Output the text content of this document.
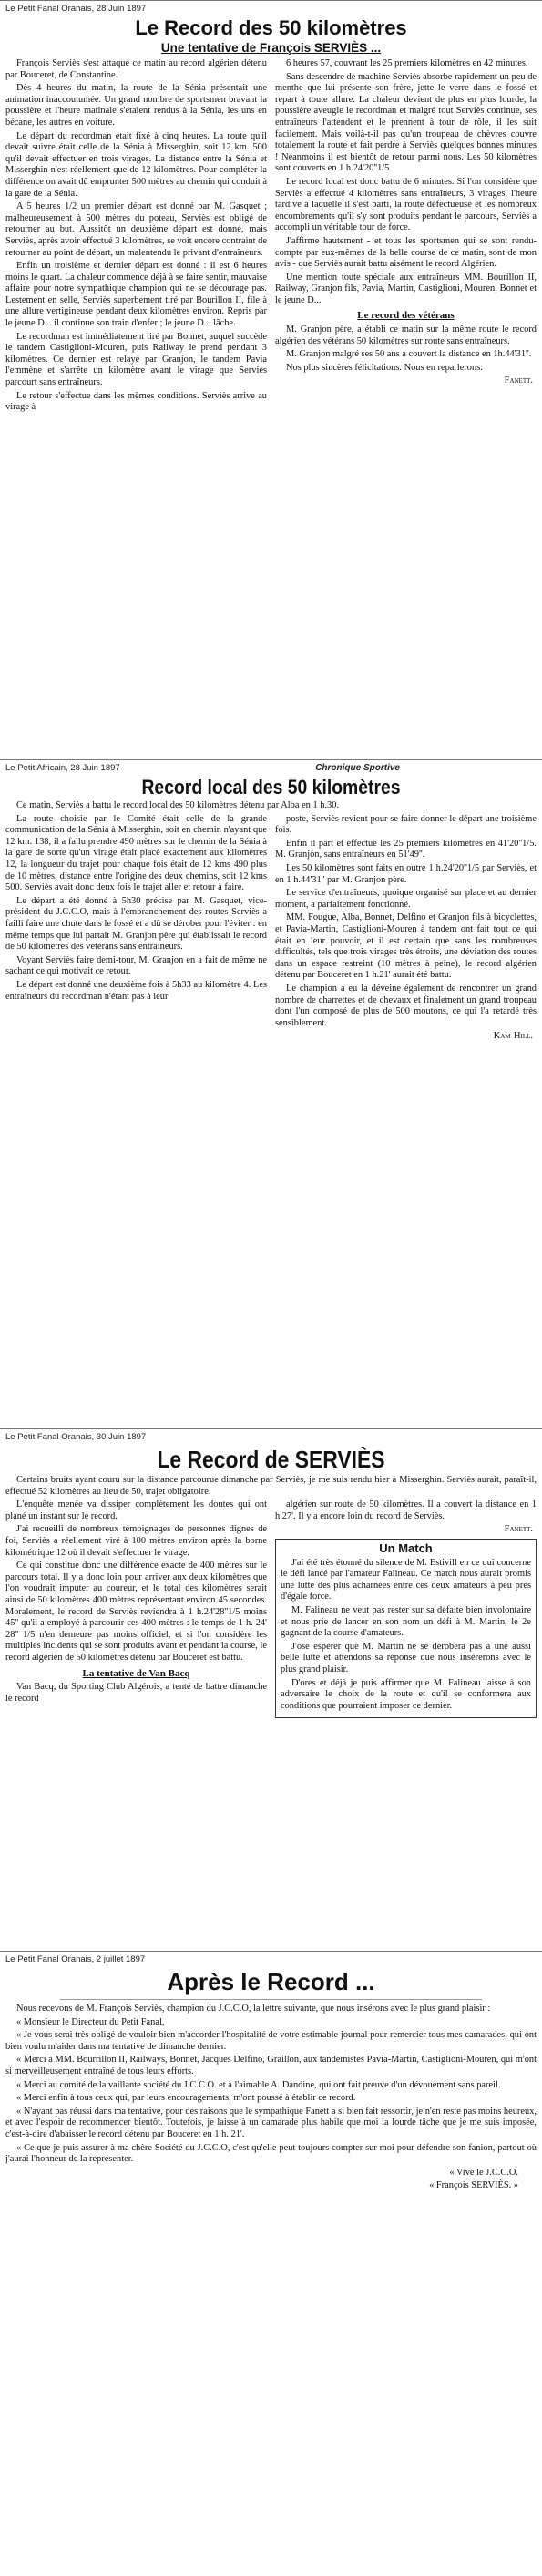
Le Petit Fanal Oranais, 28 Juin 1897
Le Record des 50 kilomètres
Une tentative de François SERVIÈS ...

François Serviès s'est attaqué ce matin au record algérien détenu par Bouceret, de Constantine.

Dès 4 heures du matin, la route de la Sénia présentait une animation inaccoutumée. Un grand nombre de sportsmen bravant la poussière et l'heure matinale s'étaient rendus à la Sénia, les uns en bécane, les autres en voiture.

Le départ du recordman était fixé à cinq heures. La route qu'il devait suivre était celle de la Sénia à Misserghin, soit 12 km. 500 qu'il devait effectuer en trois virages. La distance entre la Sénia et Misserghin n'est réellement que de 12 kilomètres. Pour compléter la différence on avait dû emprunter 500 mètres au chemin qui conduit à la gare de la Sénia.

A 5 heures 1/2 un premier départ est donné par M. Gasquet ; malheureusement à 500 mètres du poteau, Serviès est obligé de retourner au but. Aussitôt un deuxième départ est donné, mais Serviès, après avoir effectué 3 kilomètres, se voit encore contraint de retourner au point de départ, un malentendu le privant d'entraîneurs.

Enfin un troisième et dernier départ est donné : il est 6 heures moins le quart. La chaleur commence déjà à se faire sentir, mauvaise affaire pour notre sympathique champion qui ne se décourage pas. Lestement en selle, Serviès superbement tiré par Bourillon II, file à une allure vertigineuse pendant deux kilomètres environ. Repris par le jeune D... il continue son train d'enfer ; le jeune D... lâche.

Le recordman est immédiatement tiré par Bonnet, auquel succède le tandem Castiglioni-Mouren, puis Railway le prend pendant 3 kilomètres. Ce dernier est relayé par Granjon, le tandem Pavia l'emmène et s'arrête un kilomètre avant le virage que Serviès parcourt sans entraîneurs.

Le retour s'effectue dans les mêmes conditions. Serviès arrive au virage à

6 heures 57, couvrant les 25 premiers kilomètres en 42 minutes.

Sans descendre de machine Serviès absorbe rapidement un peu de menthe que lui présente son frère, jette le verre dans le fossé et repart à toute allure. La chaleur devient de plus en plus lourde, la poussière aveugle le recordman et malgré tout Serviès continue, ses entraîneurs l'attendent et le prennent à tour de rôle, il les suit facilement. Mais voilà-t-il pas qu'un troupeau de chèvres couvre totalement la route et fait perdre à Serviès quelques bonnes minutes ! Néanmoins il est bientôt de retour parmi nous. Les 50 kilomètres sont couverts en 1 h.24'20''1/5

Le record local est donc battu de 6 minutes. Si l'on considère que Serviès a effectué 4 kilomètres sans entraîneurs, 3 virages, l'heure tardive à laquelle il s'est parti, la route défectueuse et les nombreux encombrements qu'il s'y sont produits pendant le parcours, Serviès a accompli un véritable tour de force.

J'affirme hautement - et tous les sportsmen qui se sont rendu-compte par eux-mêmes de la belle course de ce matin, sont de mon avis - que Serviès aurait battu aisément le record Algérien.

Une mention toute spéciale aux entraîneurs MM. Bourillon II, Railway, Granjon fils, Pavia, Martin, Castiglioni, Mouren, Bonnet et le jeune D...

Le record des vétérans

M. Granjon père, a établi ce matin sur la même route le record algérien des vétérans 50 kilomètres sur route sans entraîneurs.

M. Granjon malgré ses 50 ans a couvert la distance en 1h.44'31''.

Nos plus sincères félicitations. Nous en reparlerons.

Fanett.
Le Petit Africain, 28 Juin 1897	Chronique Sportive
Record local des 50 kilomètres

Ce matin, Serviès a battu le record local des 50 kilomètres détenu par Alba en 1 h.30.

La route choisie par le Comité était celle de la grande communication de la Sénia à Misserghin, soit en chemin n'ayant que 12 km. 138, il a fallu prendre 490 mètres sur le chemin de la Sénia à la gare de sorte qu'un virage était placé exactement aux kilomètres 12, la longueur du trajet pour chaque fois était de 12 kms 490 plus de 10 mètres, distance entre l'origine des deux chemins, soit 12 kms 500. Serviès avait donc deux fois le trajet aller et retour à faire.

Le départ a été donné à 5h30 précise par M. Gasquet, vice-président du J.C.C.O, mais à l'embranchement des routes Serviès a failli faire une chute dans le fossé et a dû se dérober pour l'éviter : en même temps que lui partait M. Granjon père qui établissait le record de 50 kilomètres des vétérans sans entraîneurs.

Voyant Serviès faire demi-tour, M. Granjon en a fait de même ne sachant ce qui motivait ce retour.

Le départ est donné une deuxième fois à 5h33 au kilomètre 4. Les entraîneurs du recordman n'étant pas à leur

poste, Serviès revient pour se faire donner le départ une troisième fois.

Enfin il part et effectue les 25 premiers kilomètres en 41'20''1/5. M. Granjon, sans entraîneurs en 51'49''.

Les 50 kilomètres sont faits en outre 1 h.24'20''1/5 par Serviès, et en 1 h.44'31'' par M. Granjon père.

Le service d'entraîneurs, quoique organisé sur place et au dernier moment, a parfaitement fonctionné.

MM. Fougue, Alba, Bonnet, Delfino et Granjon fils à bicyclettes, et Pavia-Martin, Castiglioni-Mouren à tandem ont fait tout ce qui était en leur pouvoir, et il est certain que sans les nombreuses difficultés, tels que trois virages très étroits, une déviation des routes dans un espace restreint (10 mètres à peine), le record algérien détenu par Bouceret en 1 h.21' aurait été battu.

Le champion a eu la déveine également de rencontrer un grand nombre de charrettes et de chevaux et finalement un grand troupeau dont l'un composé de plus de 500 moutons, ce qui l'a retardé très sensiblement.

Kam-Hill.
Le Petit Fanal Oranais, 30 Juin 1897
Le Record de SERVIÈS

Certains bruits ayant couru sur la distance parcourue dimanche par Serviès, je me suis rendu hier à Misserghin. Serviès aurait, paraît-il, effectué 52 kilomètres au lieu de 50, trajet obligatoire.

L'enquête menée va dissiper complètement les doutes qui ont plané un instant sur le record.

J'ai recueilli de nombreux témoignages de personnes dignes de foi, Serviès a réellement viré à 100 mètres environ après la borne kilométrique 12 où il devait s'effectuer le virage.

Ce qui constitue donc une différence exacte de 400 mètres sur le parcours total. Il y a donc loin pour arriver aux deux kilomètres que l'on voudrait imputer au coureur, et le total des kilomètres serait ainsi de 50 kilomètres 400 mètres représentant environ 45 secondes. Moralement, le record de Serviès reviendra à 1 h.24'28''1/5 moins 45'' qu'il a employé à parcourir ces 400 mètres : le temps de 1 h. 24' 28'' 1/5 n'en demeure pas moins officiel, et si l'on considère les multiples incidents qui se sont produits avant et pendant la course, le record algérien de 50 kilomètres détenu par Bouceret est battu.

La tentative de Van Bacq

Van Bacq, du Sporting Club Algérois, a tenté de battre dimanche le record

algérien sur route de 50 kilomètres. Il a couvert la distance en 1 h.27'. Il y a encore loin du record de Serviès.

Fanett.
Un Match

J'ai été très étonné du silence de M. Estivill en ce qui concerne le défi lancé par l'amateur Falineau. Ce match nous aurait promis une lutte des plus acharnées entre ces deux amateurs à peu près d'égale force.

M. Falineau ne veut pas rester sur sa défaite bien involontaire et nous prie de lancer en son nom un défi à M. Martin, le 2e gagnant de la course d'amateurs.

J'ose espérer que M. Martin ne se dérobera pas à une aussi belle lutte et attendons sa réponse que nous insérerons avec le plus grand plaisir.

D'ores et déjà je puis affirmer que M. Falineau laisse à son adversaire le choix de la route et qu'il se conformera aux conditions que pourraient imposer ce dernier.

Le Petit Fanal Oranais, 2 juillet 1897
Après le Record ...

Nous recevons de M. François Serviès, champion du J.C.C.O, la lettre suivante, que nous insérons avec le plus grand plaisir :

« Monsieur le Directeur du Petit Fanal,

« Je vous serai très obligé de vouloir bien m'accorder l'hospitalité de votre estimable journal pour remercier tous mes camarades, qui ont bien voulu m'aider dans ma tentative de dimanche dernier.

« Merci à MM. Bourrillon II, Railways, Bonnet, Jacques Delfino, Graillon, aux tandemistes Pavia-Martin, Castiglioni-Mouren, qui m'ont si merveilleusement entraîné de tous leurs efforts.

« Merci au comité de la vaillante société du J.C.C.O. et à l'aimable A. Dandine, qui ont fait preuve d'un dévouement sans pareil.

« Merci enfin à tous ceux qui, par leurs encouragements, m'ont poussé à établir ce record.

« N'ayant pas réussi dans ma tentative, pour des raisons que le sympathique Fanett a si bien fait ressortir, je n'en reste pas moins heureux, et avec l'espoir de recommencer bientôt. Toutefois, je laisse à un camarade plus habile que moi la lourde tâche que je me suis imposée, c'est-à-dire d'abaisser le record détenu par Bouceret en 1 h. 21'.

« Ce que je puis assurer à ma chère Société du J.C.C.O, c'est qu'elle peut toujours compter sur moi pour défendre son fanion, partout où j'aurai l'honneur de la représenter.

« Vive le J.C.C.O.

« François SERVIÈS. »
